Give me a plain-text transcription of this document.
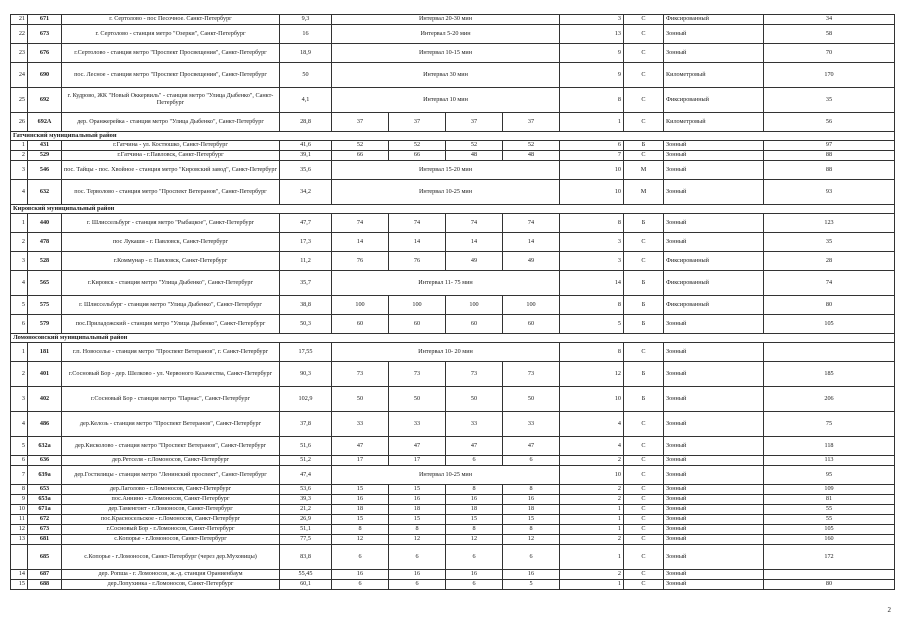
21	671	г. Сертолово - пос Песочное. Санкт-Петербург	9,3	Интервал 20-30 мин				3	С	Фиксированный	34
22	673	г. Сертолово - станция метро "Озерки", Санкт-Петербург	16	Интервал 5-20 мин				13	С	Зонный	58
23	676	г.Сертолово - станция метро "Проспект Просвещения", Санкт-Петербург	18,9	Интервал 10-15 мин				9	С	Зонный	70
24	690	пос. Лесное - станция метро "Проспект Просвещения", Санкт-Петербург	50	Интервал 30 мин				9	С	Километровый	170
25	692	г. Кудрово, ЖК "Новый Оккервиль" - станция метро "Улица Дыбенко", Санкт-Петербург	4,1	Интервал 10 мин				8	С	Фиксированный	35
26	692А	дер. Оранжерейка - станция метро "Улица Дыбенко", Санкт-Петербург	28,8	37	37	37	37	1	С	Километровый	56
Гатчинский муниципальный район											
1	431	г.Гатчина - ул. Костюшко, Санкт-Петербург	41,6	52	52	52	52	6	Б	Зонный	97
2	529	г.Гатчина - г.Павловск, Санкт-Петербург	39,1	66	66	48	48	7	С	Зонный	88
3	546	пос. Тайцы - пос. Хвойное - станция метро "Кировский завод", Санкт-Петербург	35,6	Интервал 15-20 мин				10	М	Зонный	88
4	632	пос. Терволово - станция метро "Проспект Ветеранов", Санкт-Петербург	34,2	Интервал 10-25 мин				10	М	Зонный	93
Кировский муниципальный район											
1	440	г. Шлиссельбург - станция метро "Рыбацкое", Санкт-Петербург	47,7	74	74	74	74	8	Б	Зонный	123
2	478	пос Лукаши - г. Павловск, Санкт-Петербург	17,3	14	14	14	14	3	С	Зонный	35
3	528	г.Коммунар - г. Павловск, Санкт-Петербург	11,2	76	76	49	49	3	С	Фиксированный	28
4	565	г.Кировск - станция метро "Улица Дыбенко", Санкт-Петербург	35,7	Интервал 11- 75 мин				14	Б	Фиксированный	74
5	575	г. Шлиссельбург - станция метро "Улица Дыбенко", Санкт-Петербург	38,8	100	100	100	100	8	Б	Фиксированный	80
6	579	пос.Приладожский - станция метро "Улица Дыбенко", Санкт-Петербург	50,3	60	60	60	60	5	Б	Зонный	105
Ломоносовский муниципальный район											
1	181	г.п. Новоселье - станция метро "Проспект Ветеранов", г. Санкт-Петербург	17,55	Интервал 10- 20 мин				8	С	Зонный	
2	401	г.Сосновый Бор - дер. Шелково - ул. Червоного Казачества, Санкт-Петербург	90,3	73	73	73	73	12	Б	Зонный	185
3	402	г.Сосновый Бор - станция метро "Парнас", Санкт-Петербург	102,9	50	50	50	50	10	Б	Зонный	206
4	486	дер.Келозь - станция метро "Проспект Ветеранов", Санкт-Петербург	37,8	33	33	33	33	4	С	Зонный	75
5	632а	дер.Кисколово - станция метро "Проспект Ветеранов", Санкт-Петербург	51,6	47	47	47	47	4	С	Зонный	118
6	636	дер.Ретселя - г.Ломоносов, Санкт-Петербург	51,2	17	17	6	6	2	С	Зонный	113
7	639а	дер.Гостилицы - станция метро "Ленинский проспект", Санкт-Петербург	47,4	Интервал 10-25 мин				10	С	Зонный	95
8	653	дер.Лаголово - г.Ломоносов, Санкт-Петербург	53,6	15	15	8	8	2	С	Зонный	109
9	653а	пос.Аннино - г.Ломоносов, Санкт-Петербург	39,3	16	16	16	16	2	С	Зонный	81
10	671а	дер.Таменгонт - г.Ломоносов, Санкт-Петербург	21,2	18	18	18	18	1	С	Зонный	55
11	672	пос.Красносельское - г.Ломоносов, Санкт-Петербург	26,9	15	15	15	15	1	С	Зонный	55
12	673	г.Сосновый Бор - г.Ломоносов, Санкт-Петербург	51,1	8	8	8	8	1	С	Зонный	105
13	681	с.Копорье - г.Ломоносов, Санкт-Петербург	77,5	12	12	12	12	2	С	Зонный	160
	685	с.Копорье - г.Ломоносов, Санкт-Петербург (через дер.Муховицы)	83,8	6	6	6	6	1	С	Зонный	172
14	687	дер. Ропша - г. Ломоносов, ж.-д. станция Ораниенбаум	55,45	16	16	16	16	2	С	Зонный	
15	688	дер.Лопухинка - г.Ломоносов, Санкт-Петербург	60,1	6	6	6	5	1	С	Зонный	80
2
